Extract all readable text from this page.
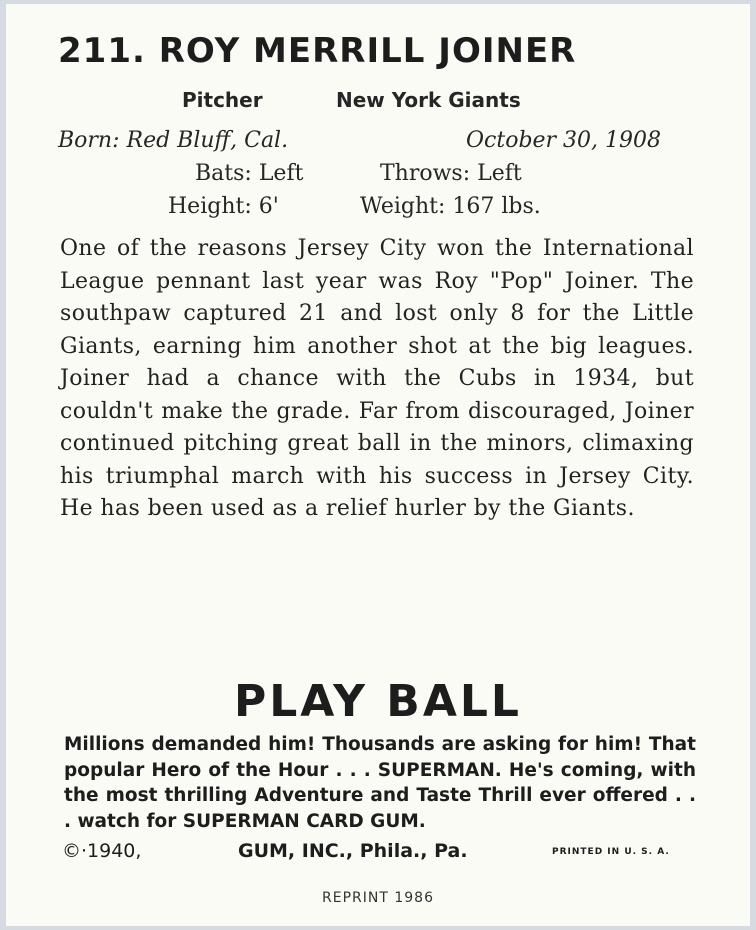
211. ROY MERRILL JOINER
Pitcher	New York Giants
Born: Red Bluff, Cal.	October 30, 1908
Bats: Left	Throws: Left
Height: 6'	Weight: 167 lbs.
One of the reasons Jersey City won the International League pennant last year was Roy "Pop" Joiner. The southpaw captured 21 and lost only 8 for the Little Giants, earning him another shot at the big leagues. Joiner had a chance with the Cubs in 1934, but couldn't make the grade. Far from discouraged, Joiner continued pitching great ball in the minors, climaxing his triumphal march with his success in Jersey City. He has been used as a relief hurler by the Giants.
PLAY BALL
Millions demanded him! Thousands are asking for him! That popular Hero of the Hour . . . SUPERMAN. He's coming, with the most thrilling Adventure and Taste Thrill ever offered . . . watch for SUPERMAN CARD GUM.
©·1940,	GUM, INC., Phila., Pa.	PRINTED IN U. S. A.
REPRINT 1986
